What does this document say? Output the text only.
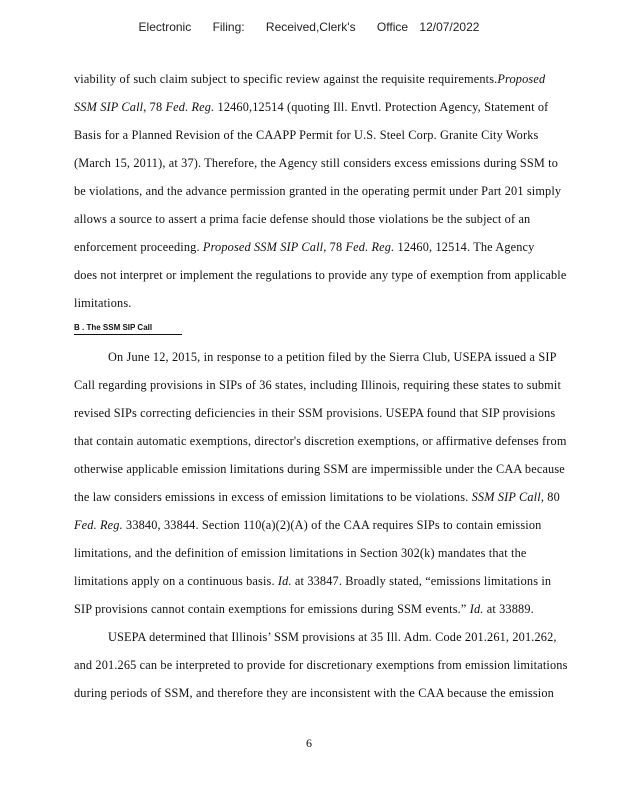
Electronic Filing: Received,Clerk's Office 12/07/2022
viability of such claim subject to specific review against the requisite requirements.Proposed
SSM SIP Call, 78 Fed. Reg. 12460,12514 (quoting Ill. Envtl. Protection Agency, Statement of
Basis for a Planned Revision of the CAAPP Permit for U.S. Steel Corp. Granite City Works
(March 15, 2011), at 37). Therefore, the Agency still considers excess emissions during SSM to
be violations, and the advance permission granted in the operating permit under Part 201 simply
allows a source to assert a prima facie defense should those violations be the subject of an
enforcement proceeding. Proposed SSM SIP Call, 78 Fed. Reg. 12460, 12514. The Agency
does not interpret or implement the regulations to provide any type of exemption from applicable
limitations.
B . The SSM SIP Call
On June 12, 2015, in response to a petition filed by the Sierra Club, USEPA issued a SIP
Call regarding provisions in SIPs of 36 states, including Illinois, requiring these states to submit
revised SIPs correcting deficiencies in their SSM provisions. USEPA found that SIP provisions
that contain automatic exemptions, director's discretion exemptions, or affirmative defenses from
otherwise applicable emission limitations during SSM are impermissible under the CAA because
the law considers emissions in excess of emission limitations to be violations. SSM SIP Call, 80
Fed. Reg. 33840, 33844. Section 110(a)(2)(A) of the CAA requires SIPs to contain emission
limitations, and the definition of emission limitations in Section 302(k) mandates that the
limitations apply on a continuous basis. Id. at 33847. Broadly stated, “emissions limitations in
SIP provisions cannot contain exemptions for emissions during SSM events.” Id. at 33889.
USEPA determined that Illinois’ SSM provisions at 35 Ill. Adm. Code 201.261, 201.262,
and 201.265 can be interpreted to provide for discretionary exemptions from emission limitations
during periods of SSM, and therefore they are inconsistent with the CAA because the emission
6
